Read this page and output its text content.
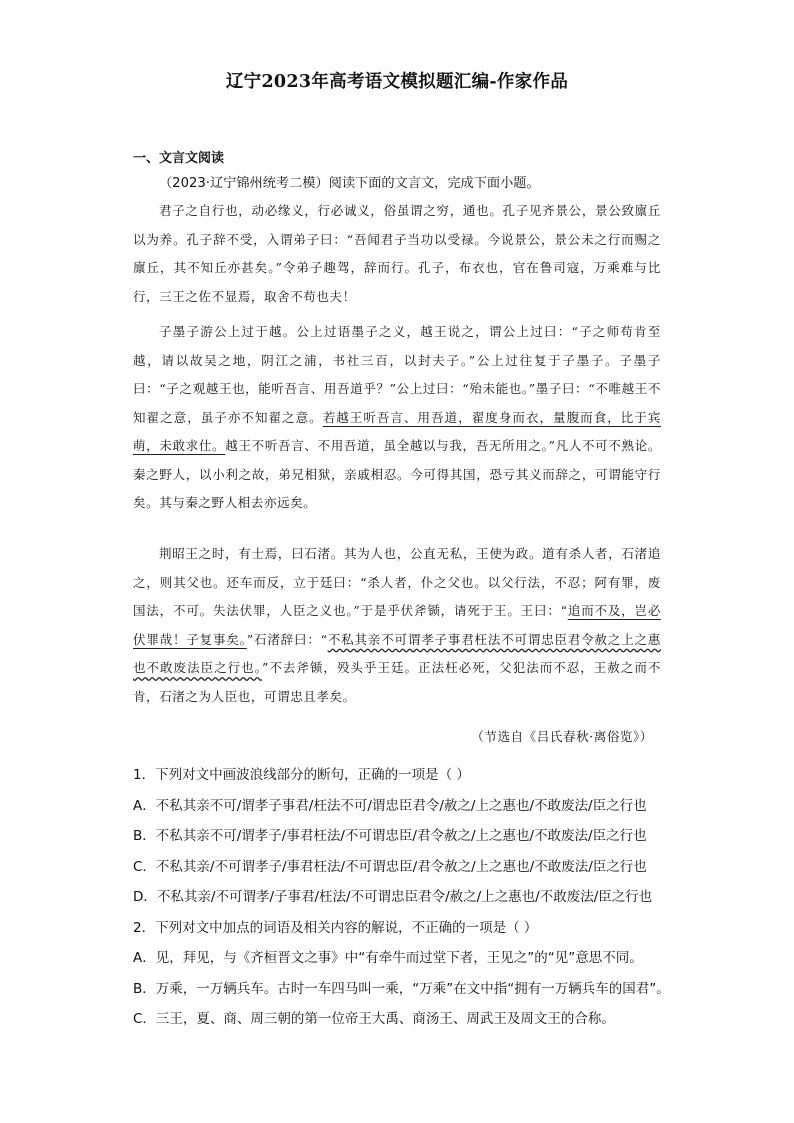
辽宁2023年高考语文模拟题汇编-作家作品
一、文言文阅读
（2023·辽宁锦州统考二模）阅读下面的文言文，完成下面小题。
君子之自行也，动必缘义，行必诚义，俗虽谓之穷，通也。孔子见齐景公，景公致廪丘以为养。孔子辞不受，入谓弟子曰：“吾闻君子当功以受禄。今说景公，景公未之行而赐之廪丘，其不知丘亦甚矣。”令弟子趣驾，辞而行。孔子，布衣也，官在鲁司寇，万乘难与比行，三王之佐不显焉，取舍不苟也夫！
子墨子游公上过于越。公上过语墨子之义，越王说之，谓公上过曰：“子之师苟肯至越，请以故吴之地，阴江之浦，书社三百，以封夫子。”公上过往复于子墨子。子墨子曰：“子之观越王也，能听吾言、用吾道乎？”公上过曰：“殆未能也。”墨子曰：“不唯越王不知翟之意，虽子亦不知翟之意。若越王听吾言、用吾道，翟度身而衣，量腹而食，比于宾萌，未敢求仕。越王不听吾言、不用吾道，虽全越以与我，吾无所用之。”凡人不可不熟论。秦之野人，以小利之故，弟兄相狱，亲戚相忍。今可得其国，恐亏其义而辞之，可谓能守行矣。其与秦之野人相去亦远矣。
荆昭王之时，有士焉，曰石渚。其为人也，公直无私，王使为政。道有杀人者，石渚追之，则其父也。还车而反，立于廷曰：“杀人者，仆之父也。以父行法，不忍；阿有罪，废国法，不可。失法伏罪，人臣之义也。”于是乎伏斧锧，请死于王。王曰：“追而不及，岂必伏罪哉！子复事矣。”石渚辞曰：“不私其亲不可谓孝子事君枉法不可谓忠臣君令赦之上之惠也不敢废法臣之行也。”不去斧锧，殁头乎王廷。正法枉必死，父犯法而不忍，王赦之而不肯，石渚之为人臣也，可谓忠且孝矣。
（节选自《吕氏春秋·离俗览》）
1．下列对文中画波浪线部分的断句，正确的一项是（ ）
A．不私其亲不可/谓孝子事君/枉法不可/谓忠臣君令/赦之/上之惠也/不敢废法/臣之行也
B．不私其亲不可/谓孝子/事君枉法/不可谓忠臣/君令赦之/上之惠也/不敢废法/臣之行也
C．不私其亲/不可谓孝子/事君枉法/不可谓忠臣/君令赦之/上之惠也/不敢废法/臣之行也
D．不私其亲/不可谓孝/子事君/枉法/不可谓忠臣君令/赦之/上之惠也/不敢废法/臣之行也
2．下列对文中加点的词语及相关内容的解说，不正确的一项是（ ）
A．见，拜见，与《齐桓晋文之事》中“有牵牛而过堂下者，王见之”的“见”意思不同。
B．万乘，一万辆兵车。古时一车四马叫一乘，“万乘”在文中指“拥有一万辆兵车的国君”。
C．三王，夏、商、周三朝的第一位帝王大禹、商汤王、周武王及周文王的合称。
